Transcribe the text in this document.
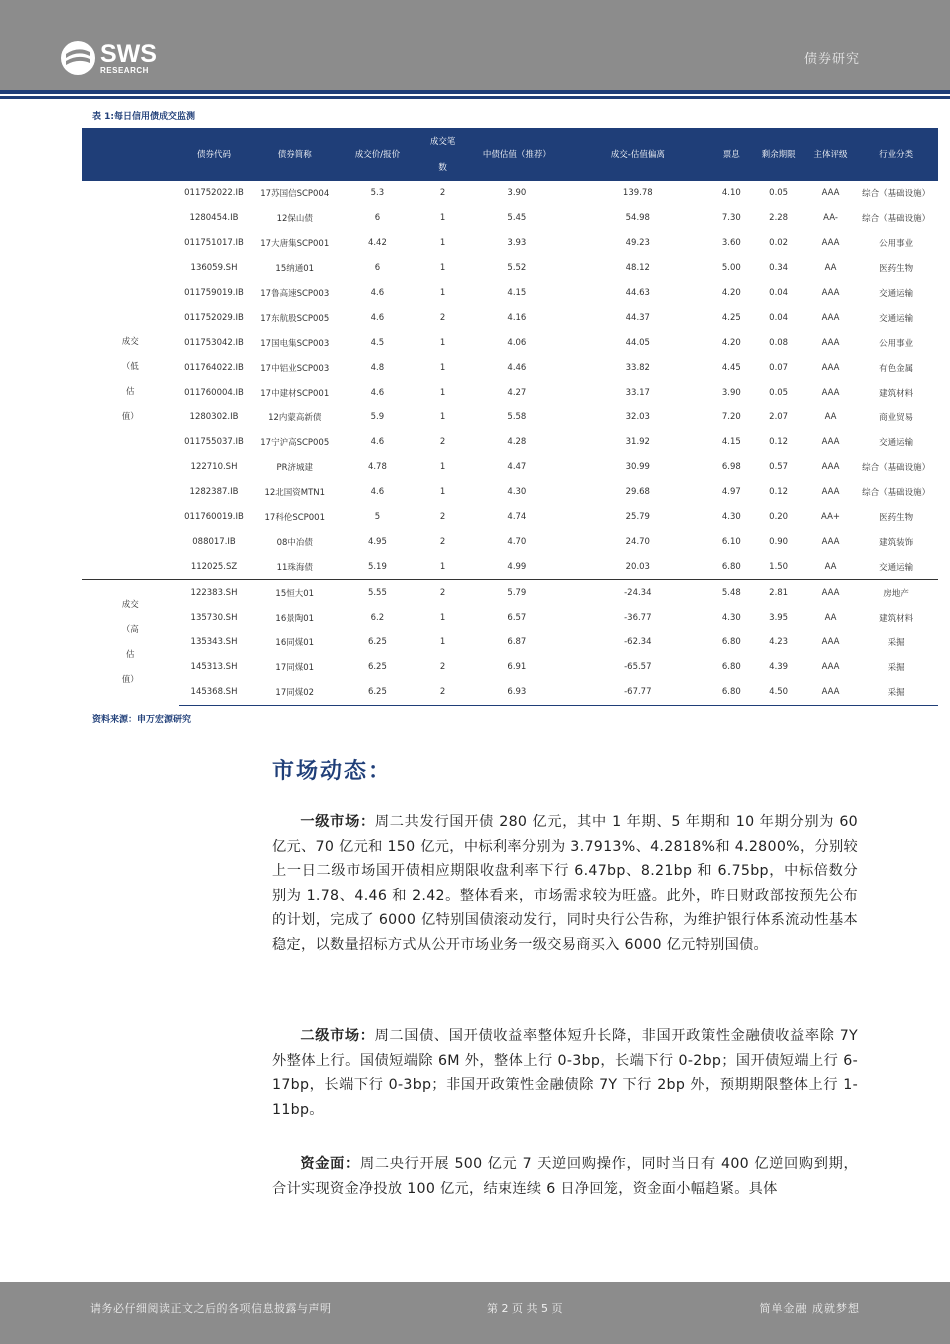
SWS
RESEARCH
债券研究
表 1:每日信用债成交监测
	债券代码	债券简称	成交价/报价	成交笔
数	中债估值（推荐）	成交-估值偏离	票息	剩余期限	主体评级	行业分类

成交
（低
估
值）	011752022.IB	17苏国信SCP004	5.3	2	3.90	139.78	4.10	0.05	AAA	综合（基础设施）
	1280454.IB	12保山债	6	1	5.45	54.98	7.30	2.28	AA-	综合（基础设施）
	011751017.IB	17大唐集SCP001	4.42	1	3.93	49.23	3.60	0.02	AAA	公用事业
	136059.SH	15纳通01	6	1	5.52	48.12	5.00	0.34	AA	医药生物
	011759019.IB	17鲁高速SCP003	4.6	1	4.15	44.63	4.20	0.04	AAA	交通运输
	011752029.IB	17东航股SCP005	4.6	2	4.16	44.37	4.25	0.04	AAA	交通运输
	011753042.IB	17国电集SCP003	4.5	1	4.06	44.05	4.20	0.08	AAA	公用事业
	011764022.IB	17中铝业SCP003	4.8	1	4.46	33.82	4.45	0.07	AAA	有色金属
	011760004.IB	17中建材SCP001	4.6	1	4.27	33.17	3.90	0.05	AAA	建筑材料
	1280302.IB	12内蒙高新债	5.9	1	5.58	32.03	7.20	2.07	AA	商业贸易
	011755037.IB	17宁沪高SCP005	4.6	2	4.28	31.92	4.15	0.12	AAA	交通运输
	122710.SH	PR济城建	4.78	1	4.47	30.99	6.98	0.57	AAA	综合（基础设施）
	1282387.IB	12北国资MTN1	4.6	1	4.30	29.68	4.97	0.12	AAA	综合（基础设施）
	011760019.IB	17科伦SCP001	5	2	4.74	25.79	4.30	0.20	AA+	医药生物
	088017.IB	08中冶债	4.95	2	4.70	24.70	6.10	0.90	AAA	建筑装饰
	112025.SZ	11珠海债	5.19	1	4.99	20.03	6.80	1.50	AA	交通运输

成交
（高
估
值）	122383.SH	15恒大01	5.55	2	5.79	-24.34	5.48	2.81	AAA	房地产
	135730.SH	16景陶01	6.2	1	6.57	-36.77	4.30	3.95	AA	建筑材料
	135343.SH	16同煤01	6.25	1	6.87	-62.34	6.80	4.23	AAA	采掘
	145313.SH	17同煤01	6.25	2	6.91	-65.57	6.80	4.39	AAA	采掘
	145368.SH	17同煤02	6.25	2	6.93	-67.77	6.80	4.50	AAA	采掘
资料来源：申万宏源研究
市场动态：

一级市场：周二共发行国开债 280 亿元，其中 1 年期、5 年期和 10 年期分别为 60 亿元、70 亿元和 150 亿元，中标利率分别为 3.7913%、4.2818%和 4.2800%，分别较上一日二级市场国开债相应期限收盘利率下行 6.47bp、8.21bp 和 6.75bp，中标倍数分别为 1.78、4.46 和 2.42。整体看来，市场需求较为旺盛。此外，昨日财政部按预先公布的计划，完成了 6000 亿特别国债滚动发行，同时央行公告称，为维护银行体系流动性基本稳定，以数量招标方式从公开市场业务一级交易商买入 6000 亿元特别国债。

二级市场：周二国债、国开债收益率整体短升长降，非国开政策性金融债收益率除 7Y 外整体上行。国债短端除 6M 外，整体上行 0-3bp，长端下行 0-2bp；国开债短端上行 6-17bp，长端下行 0-3bp；非国开政策性金融债除 7Y 下行 2bp 外，预期期限整体上行 1-11bp。

资金面：周二央行开展 500 亿元 7 天逆回购操作，同时当日有 400 亿逆回购到期，合计实现资金净投放 100 亿元，结束连续 6 日净回笼，资金面小幅趋紧。具体

请务必仔细阅读正文之后的各项信息披露与声明	第 2 页 共 5 页	简单金融 成就梦想
